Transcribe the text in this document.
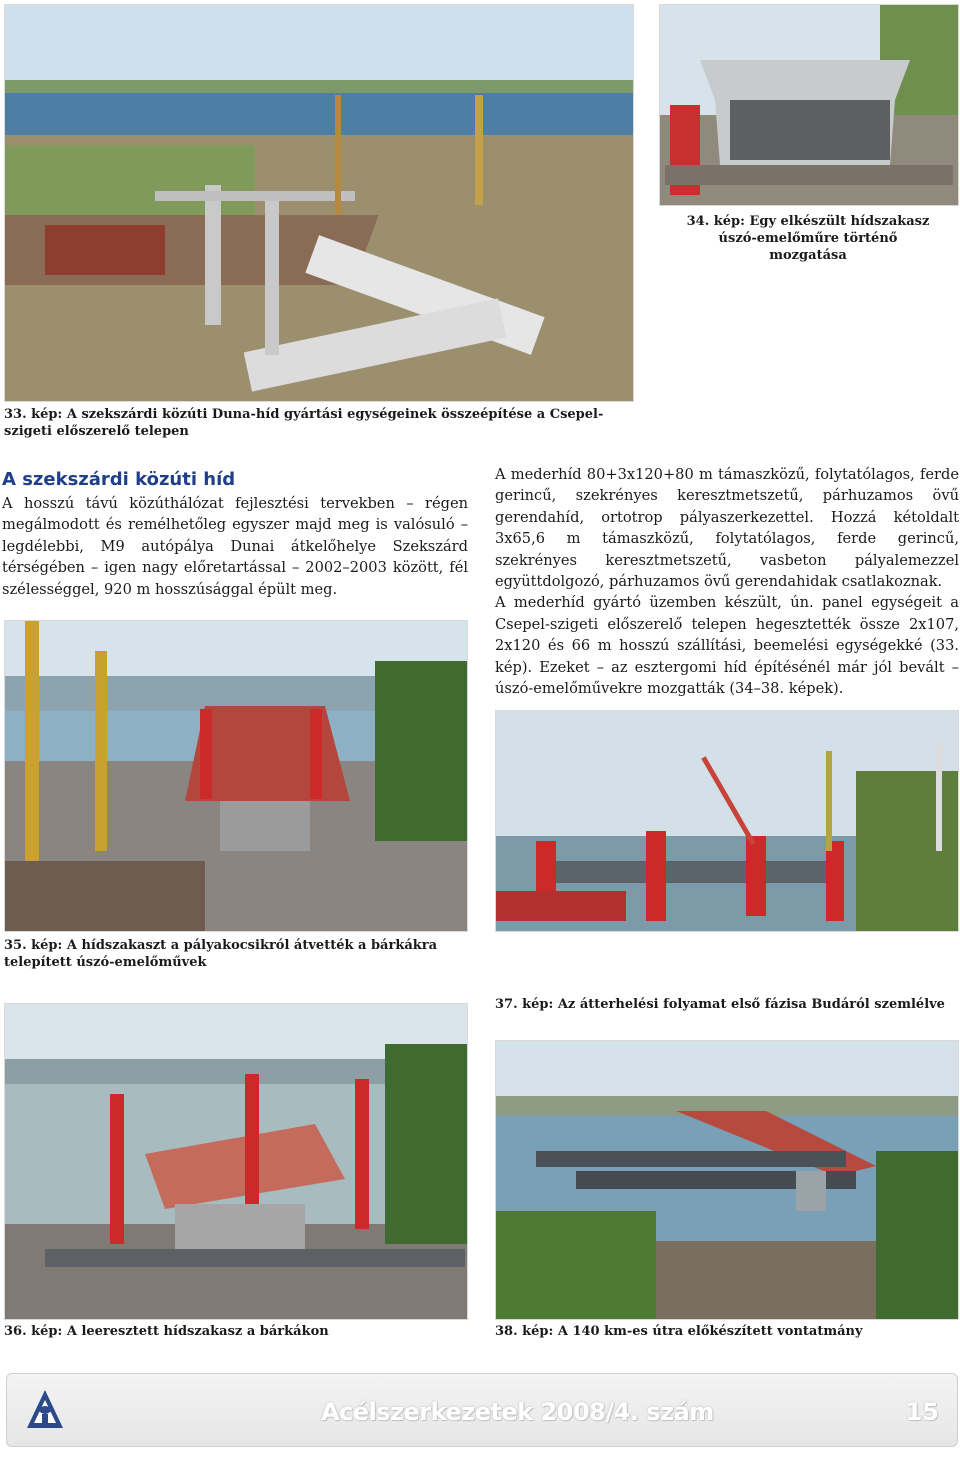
34. kép: Egy elkészült hídszakasz
úszó-emelőműre történő
mozgatása
33. kép: A szekszárdi közúti Duna-híd gyártási egységeinek összeépítése a Csepel-szigeti előszerelő telepen
A szekszárdi közúti híd

A hosszú távú közúthálózat fejlesztési tervekben – régen megálmodott és remélhetőleg egyszer majd meg is valósuló – legdélebbi, M9 autópálya Dunai átkelőhelye Szekszárd térségében – igen nagy előretartással – 2002–2003 között, fél szélességgel, 920 m hosszúsággal épült meg.

A mederhíd 80+3x120+80 m támaszközű, folytatólagos, ferde gerincű, szekrényes keresztmetszetű, párhuzamos övű gerendahíd, ortotrop pályaszerkezettel. Hozzá kétoldalt 3x65,6 m támaszközű, folytatólagos, ferde gerincű, szekrényes keresztmetszetű, vasbeton pályalemezzel együttdolgozó, párhuzamos övű gerendahidak csatlakoznak.

A mederhíd gyártó üzemben készült, ún. panel egységeit a Csepel-szigeti előszerelő telepen hegesztették össze 2x107, 2x120 és 66 m hosszú szállítási, beemelési egységekké (33. kép). Ezeket – az esztergomi híd építésénél már jól bevált – úszó-emelőművekre mozgatták (34–38. képek).

35. kép: A hídszakaszt a pályakocsikról átvették a bárkákra
telepített úszó-emelőművek
37. kép: Az átterhelési folyamat első fázisa Budáról szemlélve
36. kép: A leeresztett hídszakasz a bárkákon	38. kép: A 140 km-es útra előkészített vontatmány
Acélszerkezetek 2008/4. szám	15
